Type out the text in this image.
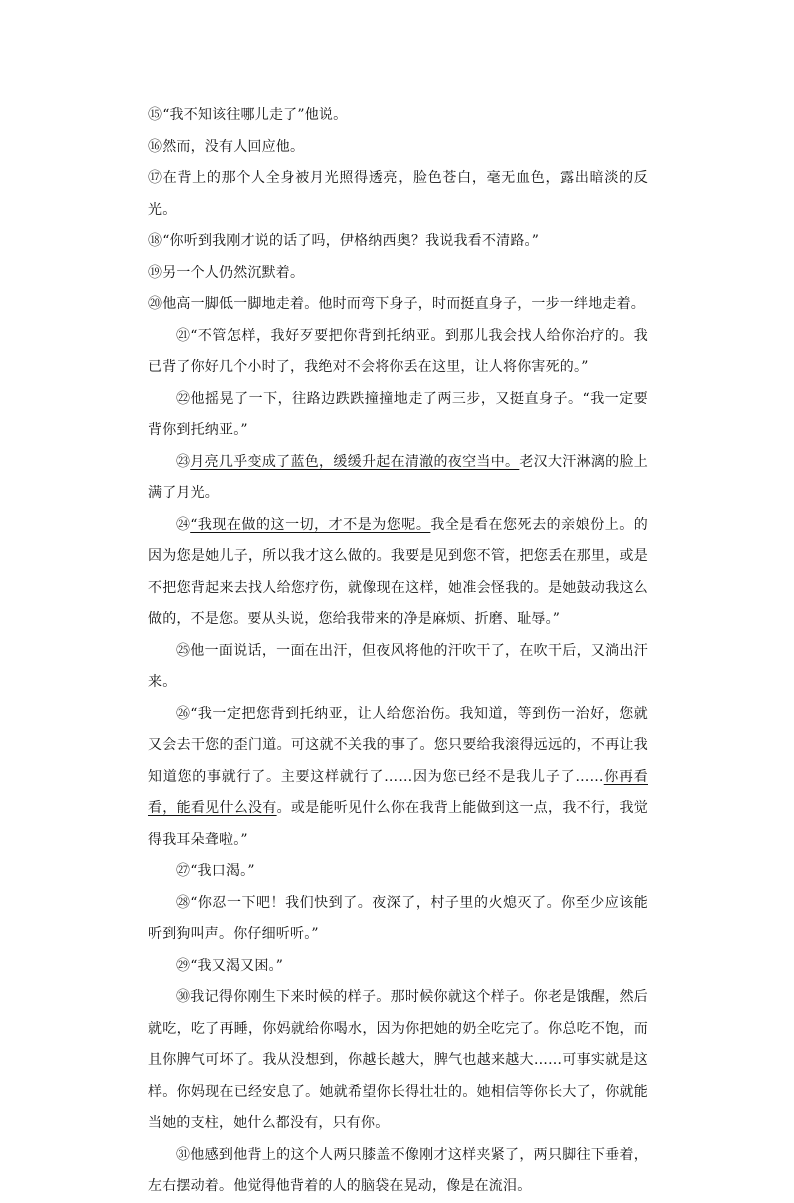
⑮“我不知该往哪儿走了”他说。

⑯然而，没有人回应他。

⑰在背上的那个人全身被月光照得透亮，脸色苍白，毫无血色，露出暗淡的反光。

⑱“你听到我刚才说的话了吗，伊格纳西奥？我说我看不清路。”

⑲另一个人仍然沉默着。

⑳他高一脚低一脚地走着。他时而弯下身子，时而挺直身子，一步一绊地走着。

㉑“不管怎样，我好歹要把你背到托纳亚。到那儿我会找人给你治疗的。我已背了你好几个小时了，我绝对不会将你丢在这里，让人将你害死的。”

㉒他摇晃了一下，往路边跌跌撞撞地走了两三步，又挺直身子。“我一定要背你到托纳亚。”

㉓月亮几乎变成了蓝色，缓缓升起在清澈的夜空当中。老汉大汗淋漓的脸上满了月光。

㉔“我现在做的这一切，才不是为您呢。我全是看在您死去的亲娘份上。的因为您是她儿子，所以我才这么做的。我要是见到您不管，把您丢在那里，或是不把您背起来去找人给您疗伤，就像现在这样，她准会怪我的。是她鼓动我这么做的，不是您。要从头说，您给我带来的净是麻烦、折磨、耻辱。”

㉕他一面说话，一面在出汗，但夜风将他的汗吹干了，在吹干后，又淌出汗来。

㉖“我一定把您背到托纳亚，让人给您治伤。我知道，等到伤一治好，您就又会去干您的歪门道。可这就不关我的事了。您只要给我滚得远远的，不再让我知道您的事就行了。主要这样就行了……因为您已经不是我儿子了……你再看看，能看见什么没有。或是能听见什么你在我背上能做到这一点，我不行，我觉得我耳朵聋啦。”

㉗“我口渴。”

㉘“你忍一下吧！我们快到了。夜深了，村子里的火熄灭了。你至少应该能听到狗叫声。你仔细听听。”

㉙“我又渴又困。”

㉚我记得你刚生下来时候的样子。那时候你就这个样子。你老是饿醒，然后就吃，吃了再睡，你妈就给你喝水，因为你把她的奶全吃完了。你总吃不饱，而且你脾气可坏了。我从没想到，你越长越大，脾气也越来越大……可事实就是这样。你妈现在已经安息了。她就希望你长得壮壮的。她相信等你长大了，你就能当她的支柱，她什么都没有，只有你。

㉛他感到他背上的这个人两只膝盖不像刚才这样夹紧了，两只脚往下垂着，左右摆动着。他觉得他背着的人的脑袋在晃动，像是在流泪。
